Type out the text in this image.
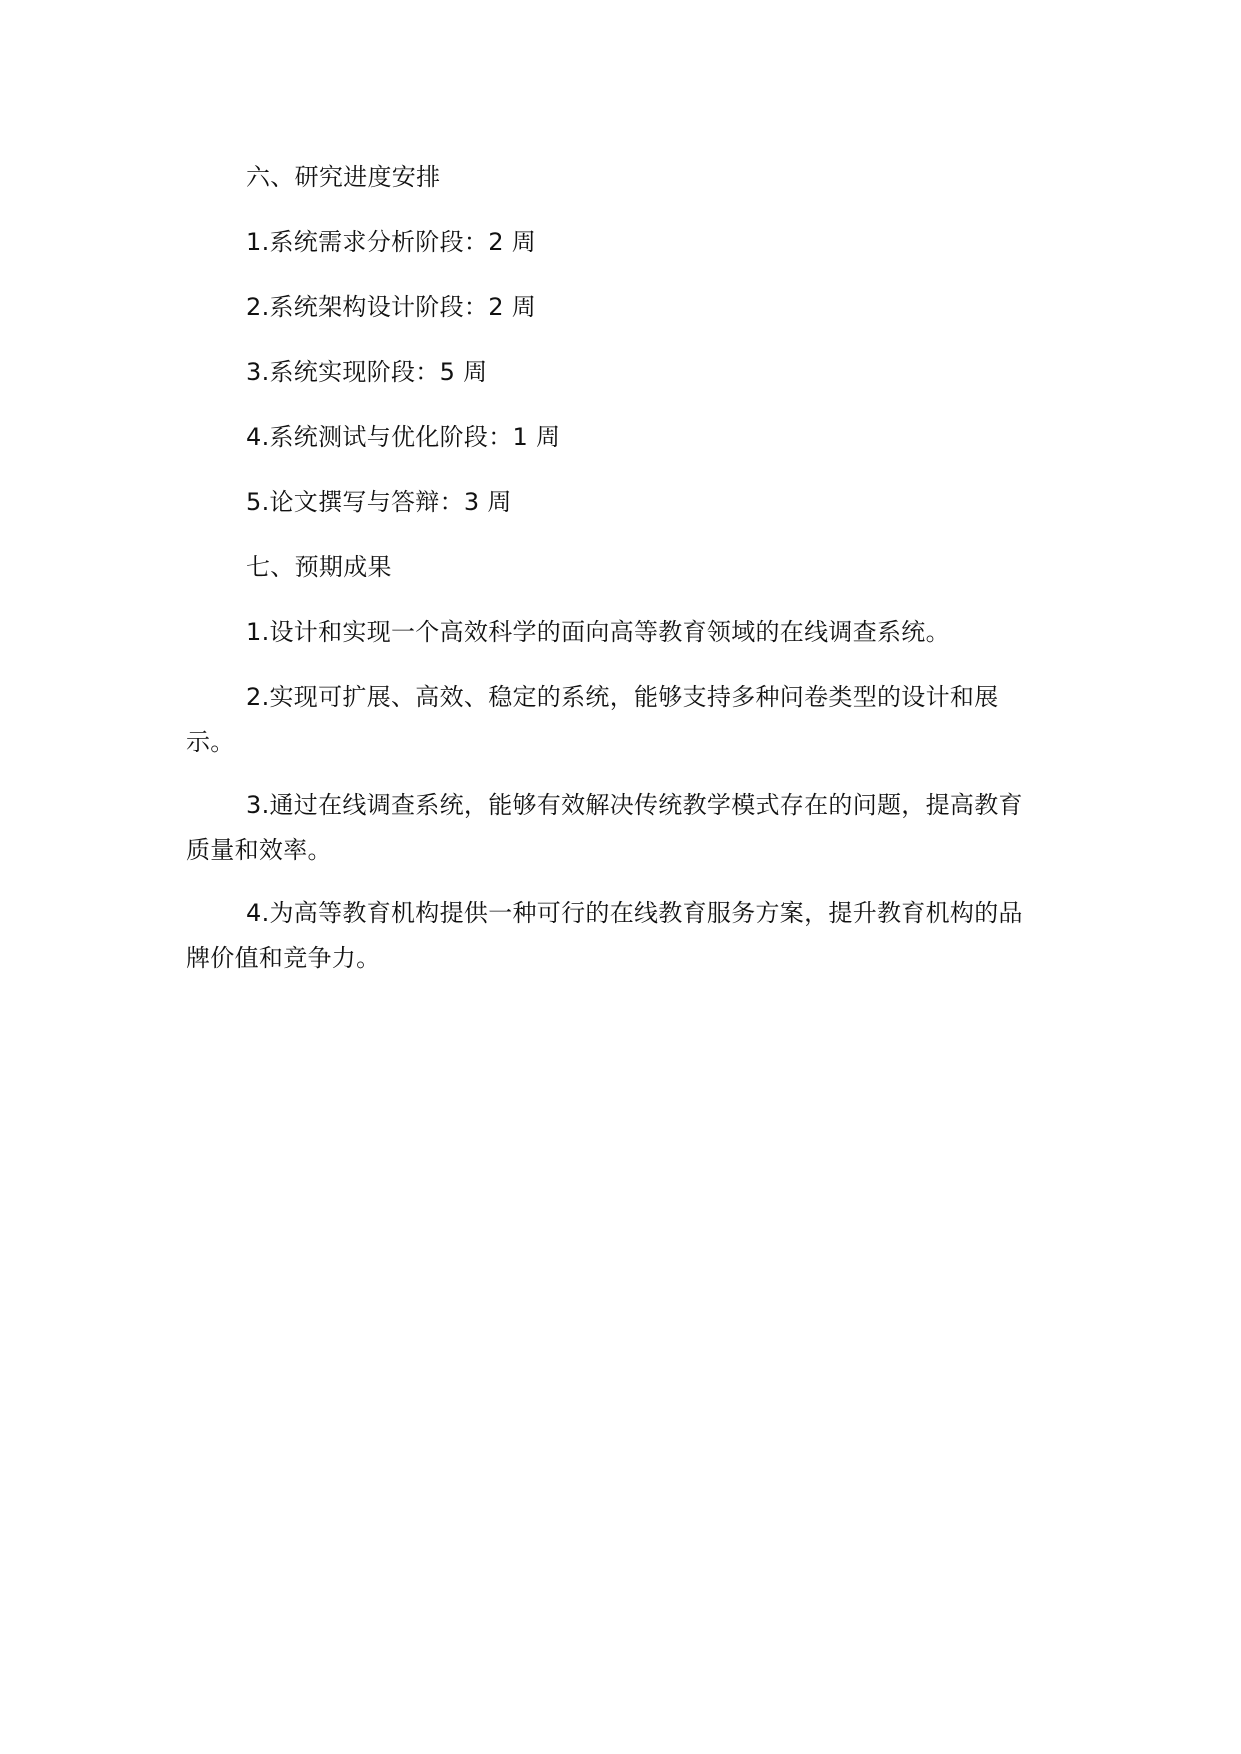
六、研究进度安排

1.系统需求分析阶段：2 周

2.系统架构设计阶段：2 周

3.系统实现阶段：5 周

4.系统测试与优化阶段：1 周

5.论文撰写与答辩：3 周

七、预期成果

1.设计和实现一个高效科学的面向高等教育领域的在线调查系统。

2.实现可扩展、高效、稳定的系统，能够支持多种问卷类型的设计和展示。

3.通过在线调查系统，能够有效解决传统教学模式存在的问题，提高教育质量和效率。

4.为高等教育机构提供一种可行的在线教育服务方案，提升教育机构的品牌价值和竞争力。
